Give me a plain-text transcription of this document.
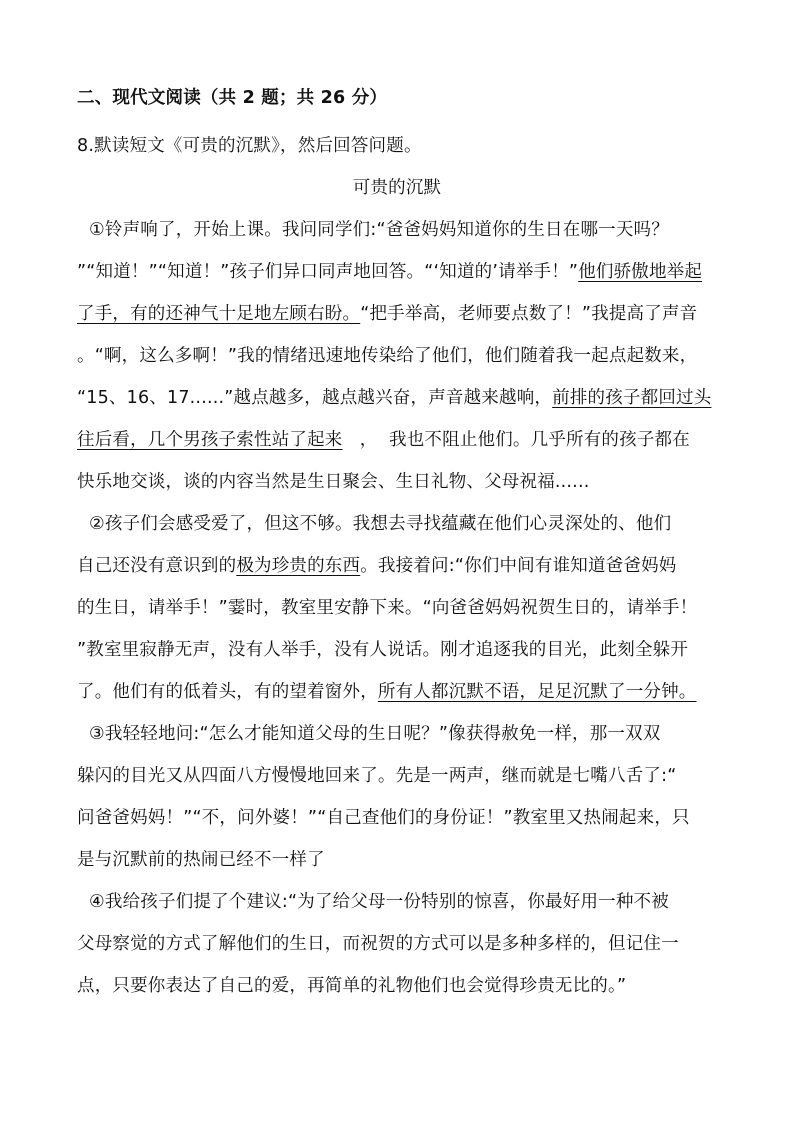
二、现代文阅读（共 2 题；共 26 分）
8.默读短文《可贵的沉默》，然后回答问题。
可贵的沉默
①铃声响了，开始上课。我问同学们:“爸爸妈妈知道你的生日在哪一天吗？
”“知道！”“知道！”孩子们异口同声地回答。“‘知道的’请举手！”他们骄傲地举起
了手，有的还神气十足地左顾右盼。“把手举高，老师要点数了！”我提高了声音
。“啊，这么多啊！”我的情绪迅速地传染给了他们，他们随着我一起点起数来，
“15、16、17......”越点越多，越点越兴奋，声音越来越响，前排的孩子都回过头
往后看，几个男孩子索性站了起来   ，  我也不阻止他们。几乎所有的孩子都在
快乐地交谈，谈的内容当然是生日聚会、生日礼物、父母祝福......
②孩子们会感受爱了，但这不够。我想去寻找蕴藏在他们心灵深处的、他们
自己还没有意识到的极为珍贵的东西。我接着问:“你们中间有谁知道爸爸妈妈
的生日，请举手！”霎时，教室里安静下来。“向爸爸妈妈祝贺生日的，请举手！
”教室里寂静无声，没有人举手，没有人说话。刚才追逐我的目光，此刻全躲开
了。他们有的低着头，有的望着窗外，所有人都沉默不语，足足沉默了一分钟。
③我轻轻地问:“怎么才能知道父母的生日呢？”像获得赦免一样，那一双双
躲闪的目光又从四面八方慢慢地回来了。先是一两声，继而就是七嘴八舌了:“
问爸爸妈妈！”“不，问外婆！”“自己查他们的身份证！”教室里又热闹起来，只
是与沉默前的热闹已经不一样了
④我给孩子们提了个建议:“为了给父母一份特别的惊喜，你最好用一种不被
父母察觉的方式了解他们的生日，而祝贺的方式可以是多种多样的，但记住一
点，只要你表达了自己的爱，再简单的礼物他们也会觉得珍贵无比的。”
